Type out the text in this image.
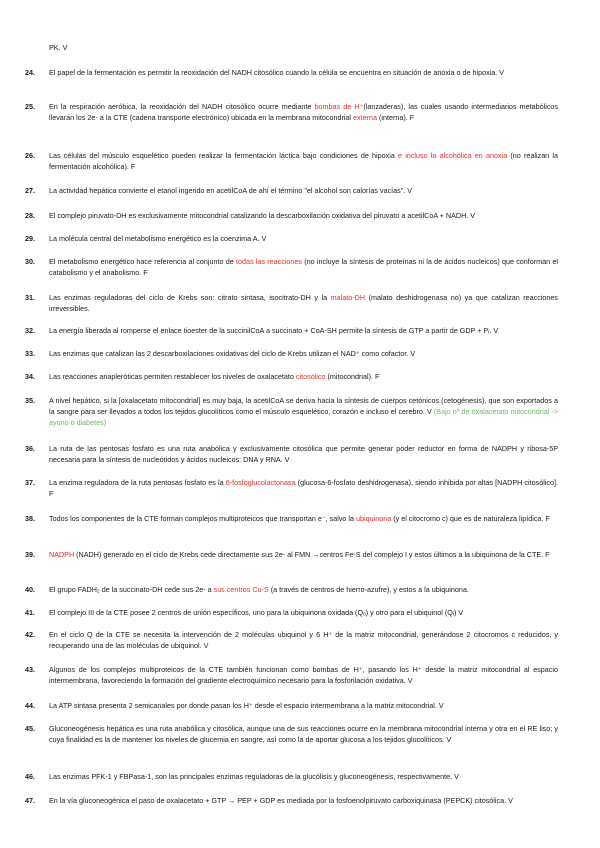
PK. V
24.	El papel de la fermentación es permitir la reoxidación del NADH citosólico cuando la célula se encuentra en situación de anoxia o de hipoxia. V
25.	En la respiración aeróbica, la reoxidación del NADH citosólico ocurre mediante bombas de H⁺(lanzaderas), las cuales usando intermediarios metabólicos llevarán los 2e- a la CTE (cadena transporte electrónico) ubicada en la membrana mitocondrial externa (interna). F
26.	Las células del músculo esquelético pueden realizar la fermentación láctica bajo condiciones de hipoxia e incluso la alcohólica en anoxia (no realizan la fermentación alcohólica). F
27.	La actividad hepática convierte el etanol ingerido en acetilCoA de ahí el término "el alcohol son calorías vacías". V
28.	El complejo piruvato-DH es exclusivamente mitocondrial catalizando la descarboxilación oxidativa del piruvato a acetilCoA + NADH. V
29.	La molécula central del metabolismo energético es la coenzima A. V
30.	El metabolismo energético hace referencia al conjunto de todas las reacciones (no incluye la síntesis de proteínas ni la de ácidos nucleicos) que conforman el catabolismo y el anabolismo. F
31.	Las enzimas reguladoras del ciclo de Krebs son: citrato sintasa, isocitrato-DH y la malato-DH (malato deshidrogenasa no) ya que catalizan reacciones irreversibles.
32.	La energía liberada al romperse el enlace tioester de la succinilCoA a succinato + CoA-SH permite la síntesis de GTP a partir de GDP + Pᵢ. V
33.	Las enzimas que catalizan las 2 descarboxilaciones oxidativas del ciclo de Krebs utilizan el NAD⁺ como cofactor. V
34.	Las reacciones anapleróticas permiten restablecer los niveles de oxalacetato citosólico (mitocondrial). F
35.	A nivel hepático, si la [oxalacetato mitocondrial] es muy baja, la acetilCoA se deriva hacia la síntesis de cuerpos cetónicos (cetogénesis), que son exportados a la sangre para ser llevados a todos los tejidos glucolíticos como el músculo esquelético, corazón e incluso el cerebro. V (Bajo nº de oxalacetato mitocondrial -> ayuno o diabetes)
36.	La ruta de las pentosas fosfato es una ruta anabólica y exclusivamente citosólica que permite generar poder reductor en forma de NADPH y ribosa-5P necesaria para la síntesis de nucleótidos y ácidos nucleicos: DNA y RNA. V
37.	La enzima reguladora de la ruta pentosas fosfato es la 6-fosfoglucolactonasa (glucosa-6-fosfato deshidrogenasa), siendo inhibida por altas [NADPH citosólico]. F
38.	Todos los componentes de la CTE forman complejos multiproteicos que transportan e⁻, salvo la ubiquinona (y el citocromo c) que es de naturaleza lipídica. F
39.	NADPH (NADH) generado en el ciclo de Krebs cede directamente sus 2e- al FMN →centros Fe-S del complejo I y estos últimos a la ubiquinona de la CTE. F
40.	El grupo FADH₂ de la succinato-DH cede sus 2e- a sus centros Cu-S (a través de centros de hierro-azufre), y estos a la ubiquinona.
41.	El complejo III de la CTE posee 2 centros de unión específicos, uno para la ubiquinona oxidada (Qₒ) y otro para el ubiquinol (Qᵢ) V
42.	En el ciclo Q de la CTE se necesita la intervención de 2 moléculas ubiquinol y 6 H⁺ de la matriz mitocondrial, generándose 2 citocromos c reducidos, y recuperando una de las moléculas de ubiquinol. V
43.	Algunos de los complejos multiproteicos de la CTE también funcionan como bombas de H⁺, pasando los H⁺ desde la matriz mitocondrial al espacio intermembrana, favoreciendo la formación del gradiente electroquímico necesario para la fosforilación oxidativa. V
44.	La ATP sintasa presenta 2 semicanales por donde pasan los H⁺ desde el espacio intermembrana a la matriz mitocondrial. V
45.	Gluconeogénesis hepática es una ruta anabólica y citosólica, aunque una de sus reacciones ocurre en la membrana mitocondrial interna y otra en el RE liso; y cuya finalidad es la de mantener los niveles de glucemia en sangre, así como la de aportar glucosa a los tejidos glucolíticos. V
46.	Las enzimas PFK-1 y FBPasa-1, son las principales enzimas reguladoras de la glucólisis y gluconeogénesis, respectivamente. V
47.	En la vía gluconeogénica el paso de oxalacetato + GTP → PEP + GDP es mediada por la fosfoenolpiruvato carboxiquinasa (PEPCK) citosólica. V
